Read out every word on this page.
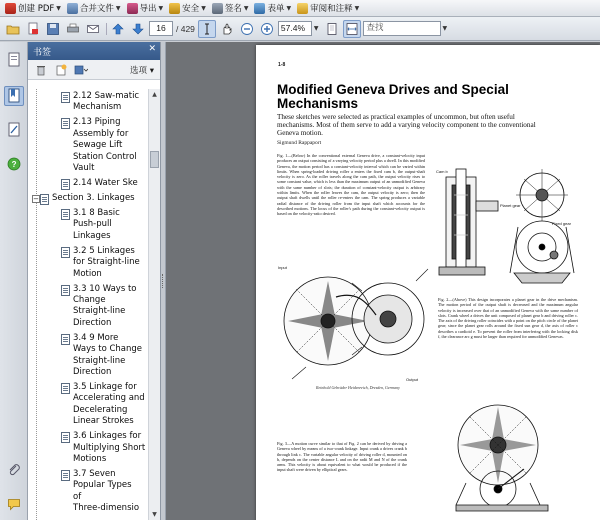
创建 PDF ▼ 合并文件 ▼ 导出 ▼ 安全 ▼ 签名 ▼ 表单 ▼ 审阅和注释 ▼
16	/ 429	57.4%	▼	查找	▼
?
书签	✕
选项 ▾
2.12 Saw-matic
Mechanism
2.13 Piping
Assembly for
Sewage Lift
Station Control
Vault
2.14 Water Ske
− Section 3. Linkages
3.1 8 Basic
Push-pull
Linkages
3.2 5 Linkages
for Straight-line
Motion
3.3 10 Ways to
Change
Straight-line
Direction
3.4 9 More
Ways to Change
Straight-line
Direction
3.5 Linkage for
Accelerating and
Decelerating
Linear Strokes
3.6 Linkages for
Multiplying Short
Motions
3.7 Seven
Popular Types
of
Three-dimensio
▲
▼
1-8
Modified Geneva Drives and Special
Mechanisms
These sketches were selected as practical examples of uncommon, but often useful mechanisms. Most of them serve to add a varying velocity component to the conventional Geneva motion.
Sigmund Rappaport
Fig. 1—(Below) In the conventional external Geneva drive, a constant-velocity input produces an output consisting of a varying velocity period plus a dwell. In this modified Geneva, the motion period has a constant-velocity interval which can be varied within limits. When spring-loaded driving roller a enters the fixed cam b, the output-shaft velocity is zero. As the roller travels along the cam path, the output velocity rises to some constant value, which is less than the maximum output of an unmodified Geneva with the same number of slots; the duration of constant-velocity output is arbitrary within limits. When the roller leaves the cam, the output velocity is zero; then the output shaft dwells until the roller re-enters the cam. The spring produces a variable radial distance of the driving roller from the input shaft which accounts for the described motions. The locus of the roller's path during the constant-velocity output is based on the velocity-ratio desired.
Fig. 2—(Above) This design incorporates a planet gear in the drive mechanism. The motion period of the output shaft is decreased and the maximum angular velocity is increased over that of an unmodified Geneva with the same number of slots. Crank wheel a drives the unit composed of planet gear b and driving roller c. The axis of the driving roller coincides with a point on the pitch circle of the planet gear; since the planet gear rolls around the fixed sun gear d, the axis of roller c describes a cardioid e. To prevent the roller from interfering with the locking disk f, the clearance arc g must be larger than required for unmodified Genevas.
Fig. 3—A motion curve similar to that of Fig. 2 can be derived by driving a Geneva wheel by means of a two-crank linkage. Input crank a drives crank b through link c. The variable angular velocity of driving roller d, mounted on b, depends on the center distance L and on the radii M and N of the crank arms. This velocity is about equivalent to what would be produced if the input shaft were driven by elliptical gears.
Reinhold Gebrüder Heidenreich, Dresden, Germany
Cam b
Planet gear
Fixed gear
Input
Output
